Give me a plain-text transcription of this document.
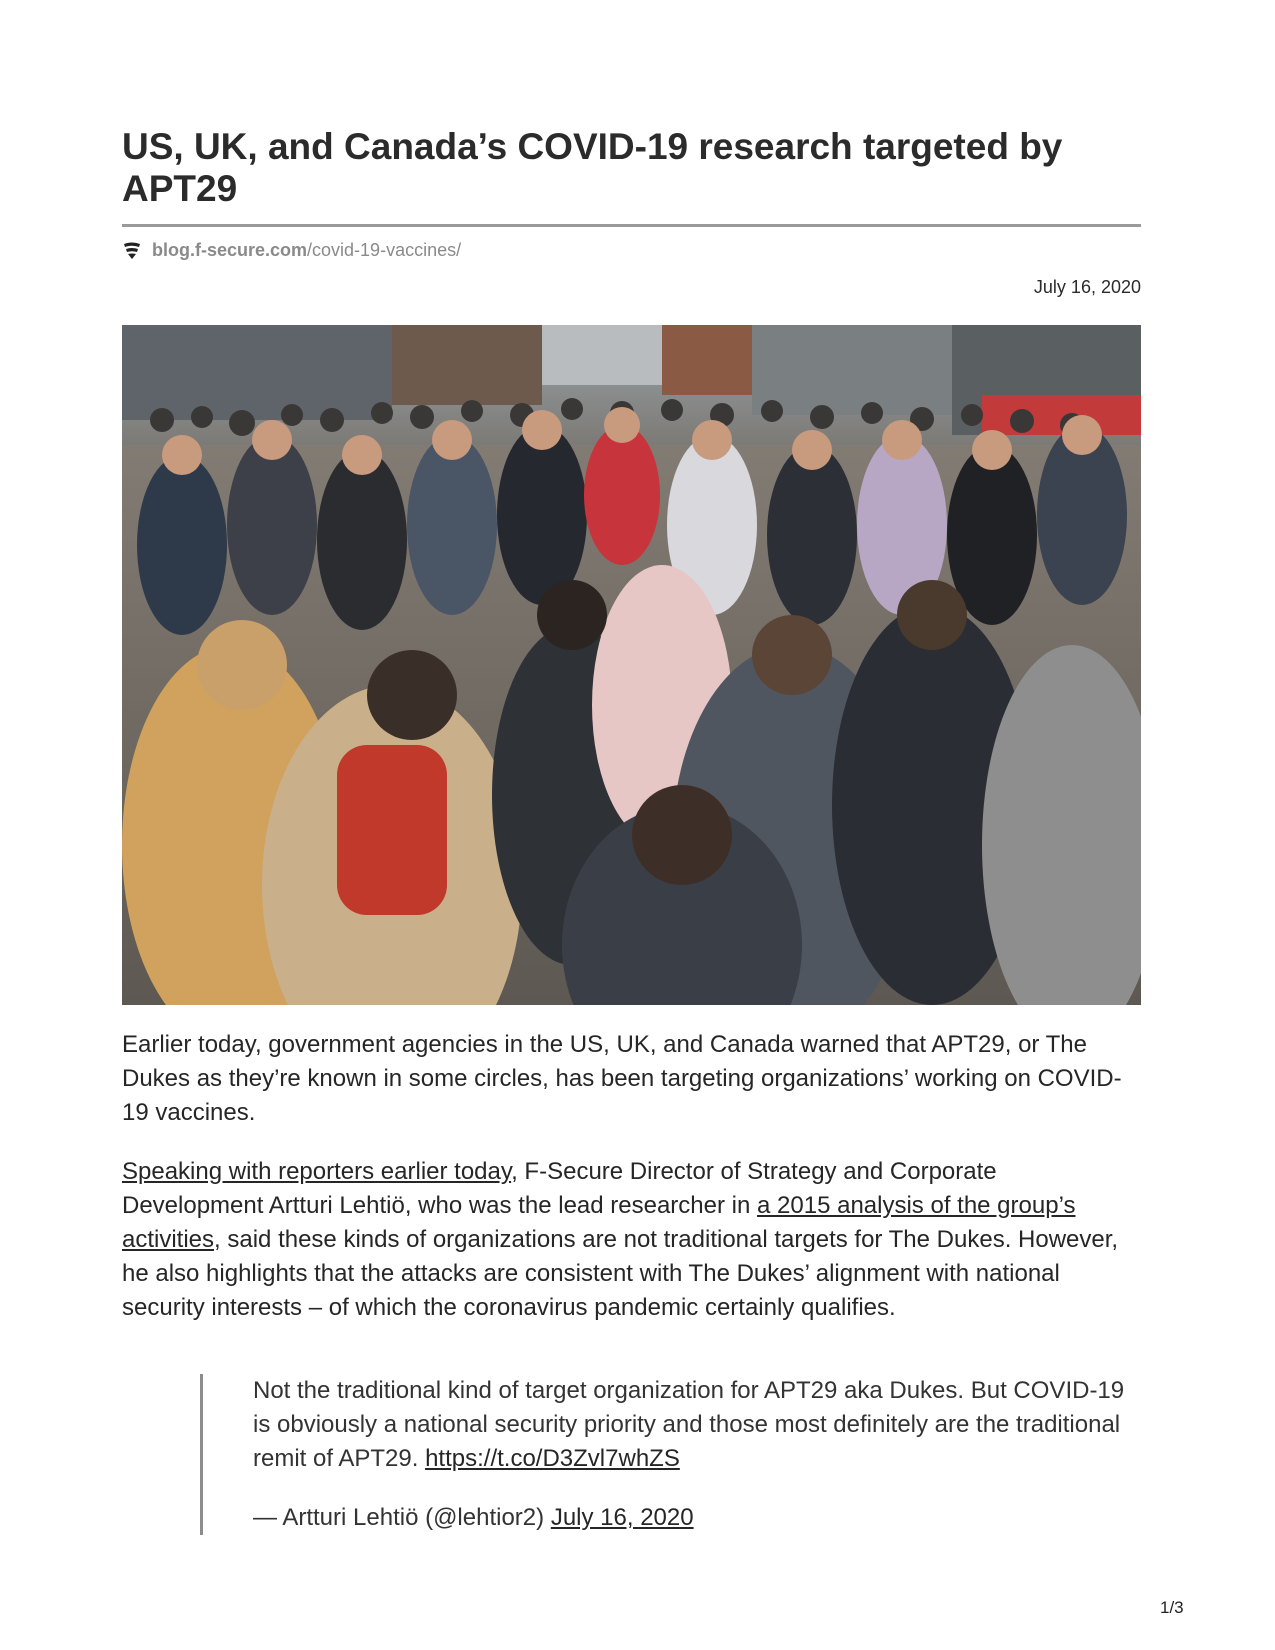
US, UK, and Canada’s COVID-19 research targeted by APT29
blog.f-secure.com /covid-19-vaccines/
July 16, 2020

Earlier today, government agencies in the US, UK, and Canada warned that APT29, or The Dukes as they’re known in some circles, has been targeting organizations’ working on COVID-19 vaccines.

Speaking with reporters earlier today, F-Secure Director of Strategy and Corporate Development Artturi Lehtiö, who was the lead researcher in a 2015 analysis of the group’s activities, said these kinds of organizations are not traditional targets for The Dukes. However, he also highlights that the attacks are consistent with The Dukes’ alignment with national security interests – of which the coronavirus pandemic certainly qualifies.

Not the traditional kind of target organization for APT29 aka Dukes. But COVID-19 is obviously a national security priority and those most definitely are the traditional remit of APT29. https://t.co/D3Zvl7whZS

— Artturi Lehtiö (@lehtior2) July 16, 2020

1/3
